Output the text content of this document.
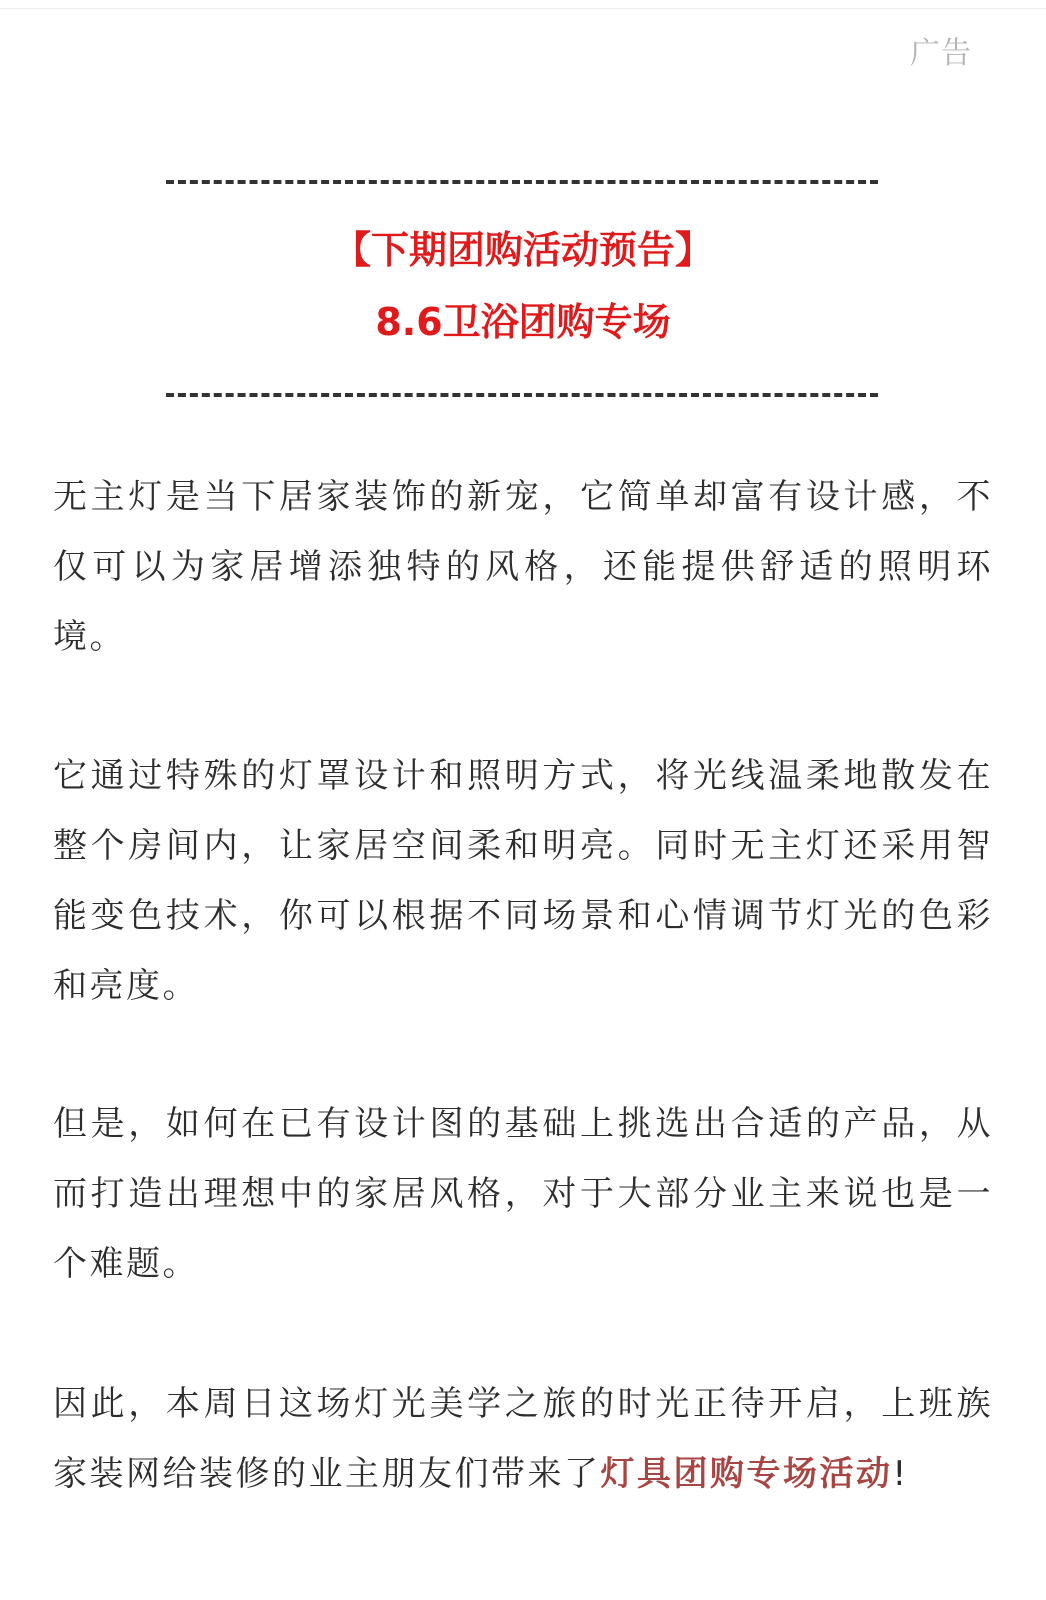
广告
【下期团购活动预告】
8.6卫浴团购专场

无主灯是当下居家装饰的新宠，它简单却富有设计感，不仅可以为家居增添独特的风格，还能提供舒适的照明环境。

它通过特殊的灯罩设计和照明方式，将光线温柔地散发在整个房间内，让家居空间柔和明亮。同时无主灯还采用智能变色技术，你可以根据不同场景和心情调节灯光的色彩和亮度。

但是，如何在已有设计图的基础上挑选出合适的产品，从而打造出理想中的家居风格，对于大部分业主来说也是一个难题。

因此，本周日这场灯光美学之旅的时光正待开启，上班族家装网给装修的业主朋友们带来了灯具团购专场活动!
